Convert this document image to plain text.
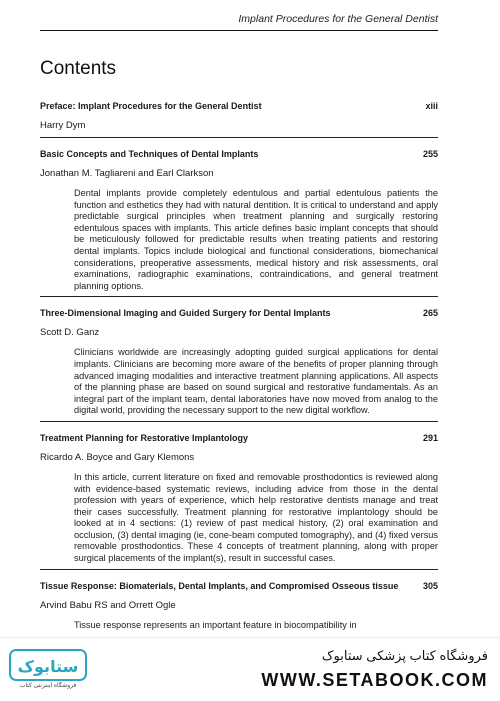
Implant Procedures for the General Dentist
Contents
Preface: Implant Procedures for the General Dentist	xiii
Harry Dym
Basic Concepts and Techniques of Dental Implants	255
Jonathan M. Tagliareni and Earl Clarkson
Dental implants provide completely edentulous and partial edentulous patients the function and esthetics they had with natural dentition. It is critical to understand and apply predictable surgical principles when treatment planning and surgically restoring edentulous spaces with implants. This article defines basic implant concepts that should be meticulously followed for predictable results when treating patients and restoring dental implants. Topics include biological and functional considerations, biomechanical considerations, preoperative assessments, medical history and risk assessments, oral examinations, radiographic examinations, contraindications, and general treatment planning options.
Three-Dimensional Imaging and Guided Surgery for Dental Implants	265
Scott D. Ganz
Clinicians worldwide are increasingly adopting guided surgical applications for dental implants. Clinicians are becoming more aware of the benefits of proper planning through advanced imaging modalities and interactive treatment planning applications. All aspects of the planning phase are based on sound surgical and restorative fundamentals. As an integral part of the implant team, dental laboratories have now moved from analog to the digital world, providing the necessary support to the new digital workflow.
Treatment Planning for Restorative Implantology	291
Ricardo A. Boyce and Gary Klemons
In this article, current literature on fixed and removable prosthodontics is reviewed along with evidence-based systematic reviews, including advice from those in the dental profession with years of experience, which help restorative dentists manage and treat their cases successfully. Treatment planning for restorative implantology should be looked at in 4 sections: (1) review of past medical history, (2) oral examination and occlusion, (3) dental imaging (ie, cone-beam computed tomography), and (4) fixed versus removable prosthodontics. These 4 concepts of treatment planning, along with proper surgical placements of the implant(s), result in successful cases.
Tissue Response: Biomaterials, Dental Implants, and Compromised Osseous tissue	305
Arvind Babu RS and Orrett Ogle
Tissue response represents an important feature in biocompatibility in
ستابوک
فروشگاه اینترنتی کتاب
فروشگاه کتاب پزشکی ستابوک
WWW.SETABOOK.COM
